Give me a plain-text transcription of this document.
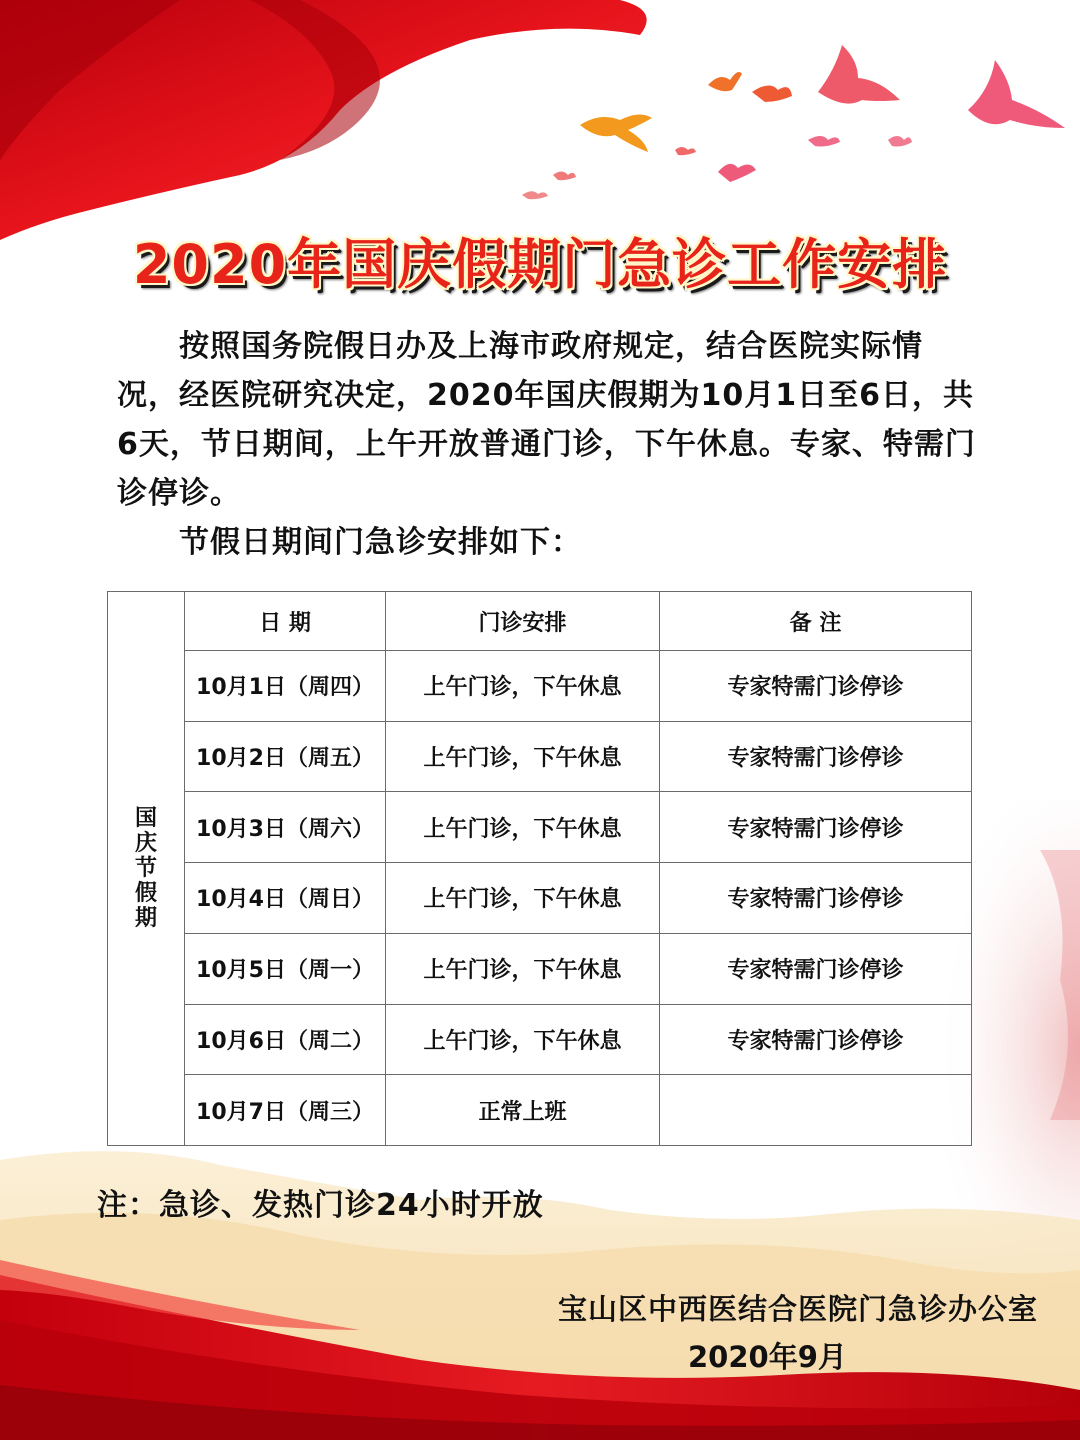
2020年国庆假期门急诊工作安排

按照国务院假日办及上海市政府规定，结合医院实际情况，经医院研究决定，2020年国庆假期为10月1日至6日，共6天，节日期间，上午开放普通门诊，下午休息。专家、特需门诊停诊。

节假日期间门急诊安排如下：

国庆节假期	日 期	门诊安排	备 注
	10月1日（周四）	上午门诊，下午休息	专家特需门诊停诊
	10月2日（周五）	上午门诊，下午休息	专家特需门诊停诊
	10月3日（周六）	上午门诊，下午休息	专家特需门诊停诊
	10月4日（周日）	上午门诊，下午休息	专家特需门诊停诊
	10月5日（周一）	上午门诊，下午休息	专家特需门诊停诊
	10月6日（周二）	上午门诊，下午休息	专家特需门诊停诊
	10月7日（周三）	正常上班	
注：急诊、发热门诊24小时开放
宝山区中西医结合医院门急诊办公室
2020年9月
